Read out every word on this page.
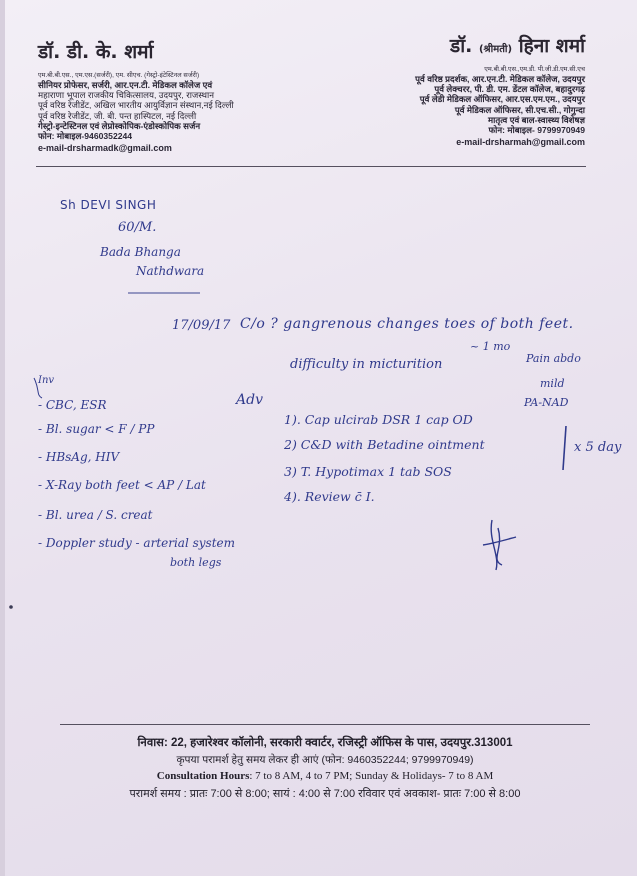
डॉ. डी. के. शर्मा

एम.बी.बी.एस., एम.एस.(सर्जरी), एम. सीएच. (गेस्ट्रो-इंटेस्टिनल सर्जरी)

सीनियर प्रोफेसर, सर्जरी, आर.एन.टी. मेडिकल कॉलेज एवं

महाराणा भूपाल राजकीय चिकित्सालय, उदयपुर, राजस्थान

पूर्व वरिष्ठ रेजीडेंट, अखिल भारतीय आयुर्विज्ञान संस्थान,नई दिल्ली

पूर्व वरिष्ठ रेजीडेंट, जी. बी. पन्त हास्पिटल, नई दिल्ली

गेस्ट्रो-इन्टेस्टिनल एवं लेप्रोस्कोपिक-एंडोस्कोपिक सर्जन

फोन: मोबाइल-9460352244

e-mail-drsharmadk@gmail.com

डॉ. (श्रीमती) हिना शर्मा

एम.बी.बी.एस.,एम.डी. पी.जी.डी.एम.सी.एच

पूर्व वरिष्ठ प्रदर्शक, आर.एन.टी. मेडिकल कॉलेज, उदयपुर

पूर्व लेक्चरर, पी. डी. एम. डेंटल कॉलेज, बहादुरगढ़

पूर्व लेडी मेडिकल ऑफिसर, आर.एस.एम.एम., उदयपुर

पूर्व मेडिकल ऑफिसर, सी.एच.सी., गोगुन्दा

मातृत्व एवं बाल-स्वास्थ्य विशेषज्ञ

फोन: मोबाइल- 9799970949

e-mail-drsharmah@gmail.com

Sh DEVI SINGH
60/M.
Bada Bhanga
Nathdwara
17/09/17 C/o ? gangrenous changes toes of both feet.
difficulty in micturition
~ 1 mo
Pain abdo
mild
PA-NAD
Adv
Inv
- CBC, ESR
- Bl. sugar < F / PP
- HBsAg, HIV
- X-Ray both feet < AP / Lat
- Bl. urea / S. creat
- Doppler study - arterial system
both legs
1). Cap ulcirab DSR 1 cap OD
2) C&D with Betadine ointment
3) T. Hypotimax 1 tab SOS
4). Review c̄ I.
x 5 day
निवास: 22, हजारेश्वर कॉलोनी, सरकारी क्वार्टर, रजिस्ट्री ऑफिस के पास, उदयपुर.313001
कृपया परामर्श हेतु समय लेकर ही आएं (फोन: 9460352244; 9799970949)
Consultation Hours: 7 to 8 AM, 4 to 7 PM; Sunday & Holidays- 7 to 8 AM
परामर्श समय : प्रातः 7:00 से 8:00; सायं : 4:00 से 7:00 रविवार एवं अवकाश- प्रातः 7:00 से 8:00
